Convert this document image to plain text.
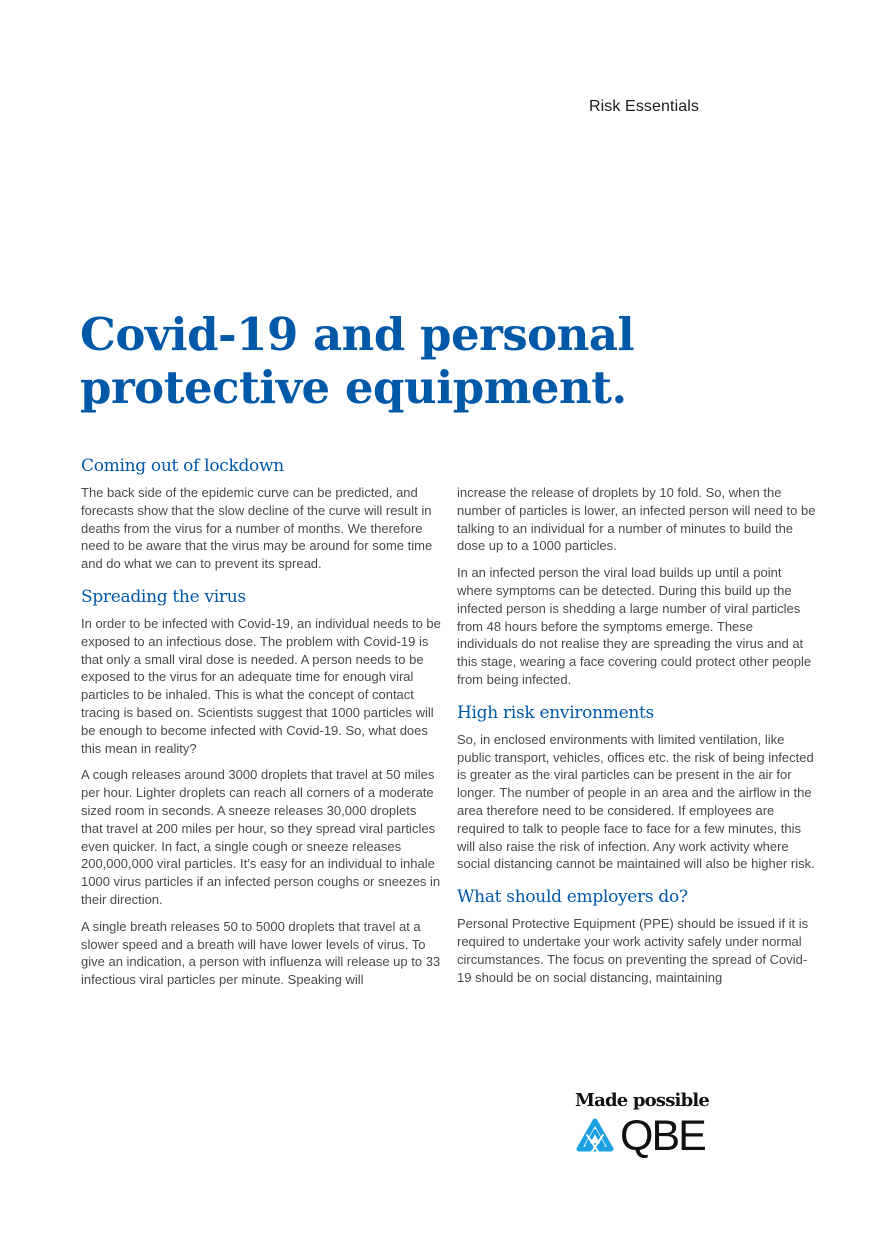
Risk Essentials
Covid-19 and personal protective equipment.
Coming out of lockdown

The back side of the epidemic curve can be predicted, and forecasts show that the slow decline of the curve will result in deaths from the virus for a number of months. We therefore need to be aware that the virus may be around for some time and do what we can to prevent its spread.

Spreading the virus

In order to be infected with Covid-19, an individual needs to be exposed to an infectious dose. The problem with Covid-19 is that only a small viral dose is needed. A person needs to be exposed to the virus for an adequate time for enough viral particles to be inhaled. This is what the concept of contact tracing is based on. Scientists suggest that 1000 particles will be enough to become infected with Covid-19. So, what does this mean in reality?

A cough releases around 3000 droplets that travel at 50 miles per hour. Lighter droplets can reach all corners of a moderate sized room in seconds. A sneeze releases 30,000 droplets that travel at 200 miles per hour, so they spread viral particles even quicker. In fact, a single cough or sneeze releases 200,000,000 viral particles. It’s easy for an individual to inhale 1000 virus particles if an infected person coughs or sneezes in their direction.

A single breath releases 50 to 5000 droplets that travel at a slower speed and a breath will have lower levels of virus. To give an indication, a person with influenza will release up to 33 infectious viral particles per minute. Speaking will

increase the release of droplets by 10 fold. So, when the number of particles is lower, an infected person will need to be talking to an individual for a number of minutes to build the dose up to a 1000 particles.

In an infected person the viral load builds up until a point where symptoms can be detected. During this build up the infected person is shedding a large number of viral particles from 48 hours before the symptoms emerge. These individuals do not realise they are spreading the virus and at this stage, wearing a face covering could protect other people from being infected.

High risk environments

So, in enclosed environments with limited ventilation, like public transport, vehicles, offices etc. the risk of being infected is greater as the viral particles can be present in the air for longer. The number of people in an area and the airflow in the area therefore need to be considered. If employees are required to talk to people face to face for a few minutes, this will also raise the risk of infection. Any work activity where social distancing cannot be maintained will also be higher risk.

What should employers do?

Personal Protective Equipment (PPE) should be issued if it is required to undertake your work activity safely under normal circumstances. The focus on preventing the spread of Covid-19 should be on social distancing, maintaining

Made possible
QBE
